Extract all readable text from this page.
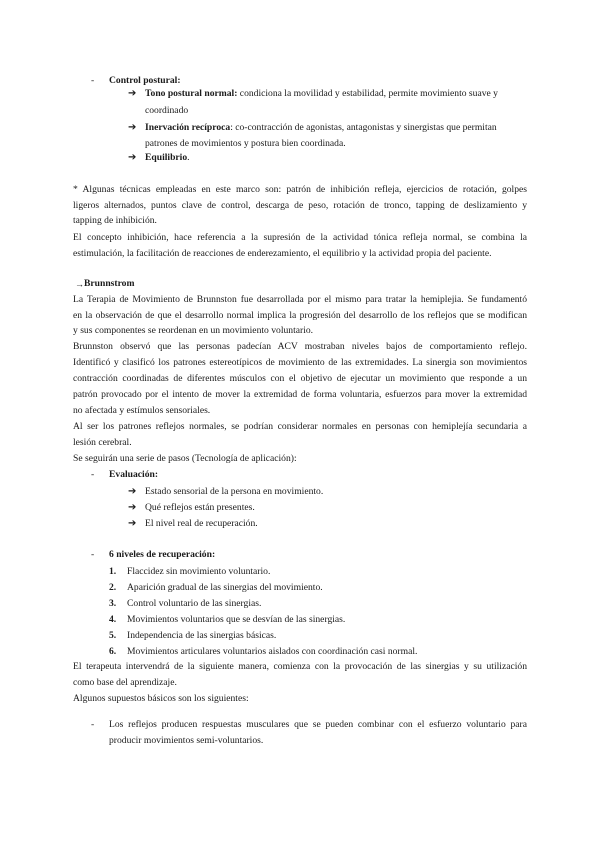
- Control postural:
➔ Tono postural normal: condiciona la movilidad y estabilidad, permite movimiento suave y
coordinado
➔ Inervación recíproca: co-contracción de agonistas, antagonistas y sinergistas que permitan
patrones de movimientos y postura bien coordinada.
➔ Equilibrio.
* Algunas técnicas empleadas en este marco son: patrón de inhibición refleja, ejercicios de rotación, golpes
ligeros alternados, puntos clave de control, descarga de peso, rotación de tronco, tapping de deslizamiento y
tapping de inhibición.
El concepto inhibición, hace referencia a la supresión de la actividad tónica refleja normal, se combina la
estimulación, la facilitación de reacciones de enderezamiento, el equilibrio y la actividad propia del paciente.
→ Brunnstrom
La Terapia de Movimiento de Brunnston fue desarrollada por el mismo para tratar la hemiplejia. Se fundamentó
en la observación de que el desarrollo normal implica la progresión del desarrollo de los reflejos que se modifican
y sus componentes se reordenan en un movimiento voluntario.
Brunnston observó que las personas padecían ACV mostraban niveles bajos de comportamiento reflejo.
Identificó y clasificó los patrones estereotípicos de movimiento de las extremidades. La sinergia son movimientos
contracción coordinadas de diferentes músculos con el objetivo de ejecutar un movimiento que responde a un
patrón provocado por el intento de mover la extremidad de forma voluntaria, esfuerzos para mover la extremidad
no afectada y estímulos sensoriales.
Al ser los patrones reflejos normales, se podrían considerar normales en personas con hemiplejía secundaria a
lesión cerebral.
Se seguirán una serie de pasos (Tecnología de aplicación):
- Evaluación:
➔ Estado sensorial de la persona en movimiento.
➔ Qué reflejos están presentes.
➔ El nivel real de recuperación.
- 6 niveles de recuperación:
1. Flaccidez sin movimiento voluntario.
2. Aparición gradual de las sinergias del movimiento.
3. Control voluntario de las sinergias.
4. Movimientos voluntarios que se desvían de las sinergias.
5. Independencia de las sinergias básicas.
6. Movimientos articulares voluntarios aislados con coordinación casi normal.
El terapeuta intervendrá de la siguiente manera, comienza con la provocación de las sinergias y su utilización
como base del aprendizaje.
Algunos supuestos básicos son los siguientes:
- Los reflejos producen respuestas musculares que se pueden combinar con el esfuerzo voluntario para
producir movimientos semi-voluntarios.
